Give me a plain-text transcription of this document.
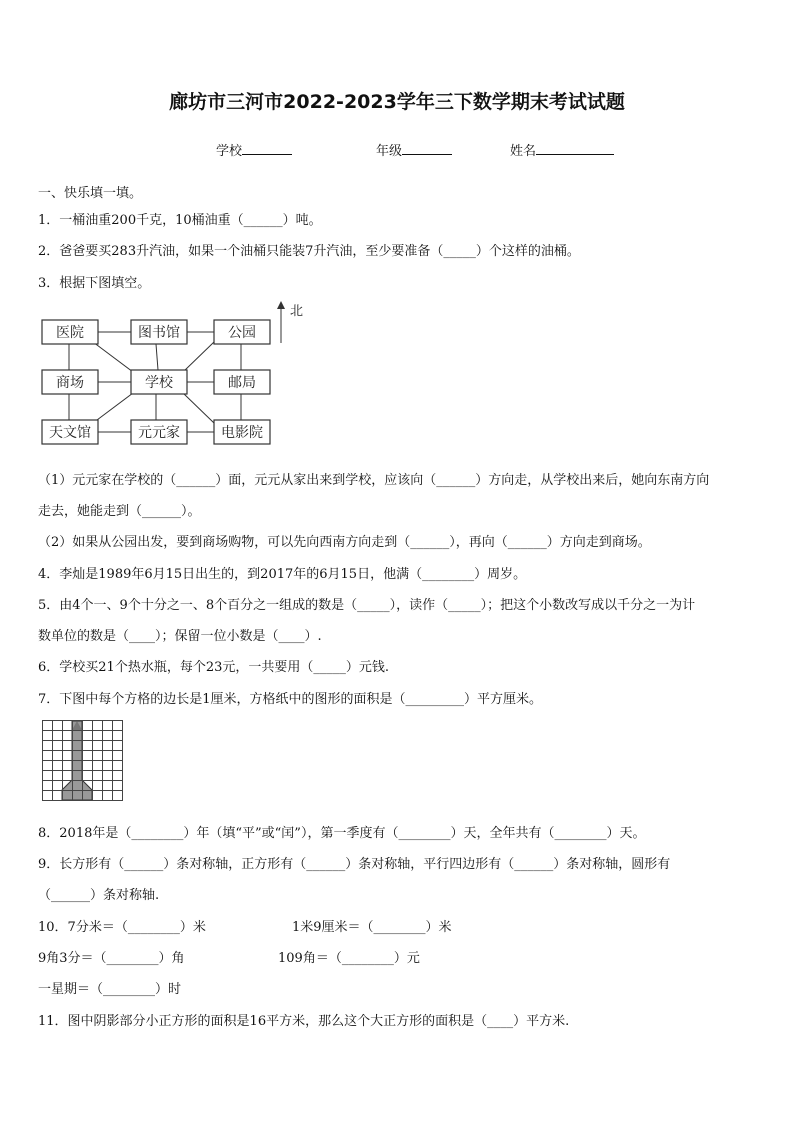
廊坊市三河市2022-2023学年三下数学期末考试试题
学校	年级	姓名
一、快乐填一填。
1．一桶油重200千克，10桶油重（______）吨。
2．爸爸要买283升汽油，如果一个油桶只能装7升汽油，至少要准备（_____）个这样的油桶。
3．根据下图填空。
北
医院	图书馆	公园
商场	学校	邮局
天文馆	元元家	电影院
（1）元元家在学校的（______）面，元元从家出来到学校，应该向（______）方向走，从学校出来后，她向东南方向
走去，她能走到（______）。
（2）如果从公园出发，要到商场购物，可以先向西南方向走到（______），再向（______）方向走到商场。
4．李灿是1989年6月15日出生的，到2017年的6月15日，他满（________）周岁。
5．由4个一、9个十分之一、8个百分之一组成的数是（_____），读作（_____）；把这个小数改写成以千分之一为计
数单位的数是（____）；保留一位小数是（____）.
6．学校买21个热水瓶，每个23元，一共要用（_____）元钱.
7．下图中每个方格的边长是1厘米，方格纸中的图形的面积是（_________）平方厘米。
8．2018年是（________）年（填“平”或“闰”），第一季度有（________）天，全年共有（________）天。
9．长方形有（______）条对称轴，正方形有（______）条对称轴，平行四边形有（______）条对称轴，圆形有
（______）条对称轴.
10．7分米＝（________）米	1米9厘米＝（________）米
9角3分＝（________）角	109角＝（________）元
一星期＝（________）时
11．图中阴影部分小正方形的面积是16平方米，那么这个大正方形的面积是（____）平方米.
